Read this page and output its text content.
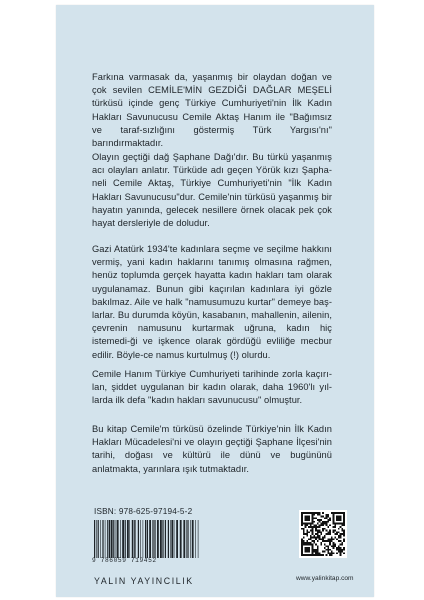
Farkına varmasak da, yaşanmış bir olaydan doğan ve çok sevilen CEMİLE'MİN GEZDİĞİ DAĞLAR MEŞELİ türküsü içinde genç Türkiye Cumhuriyeti'nin İlk Kadın Hakları Savunucusu Cemile Aktaş Hanım ile "Bağımsız ve taraf-sızlığını göstermiş Türk Yargısı'nı" barındırmaktadır.
Olayın geçtiği dağ Şaphane Dağı'dır. Bu türkü yaşanmış acı olayları anlatır. Türküde adı geçen Yörük kızı Şapha-neli Cemile Aktaş, Türkiye Cumhuriyeti'nin "İlk Kadın Hakları Savunucusu"dur. Cemile'nin türküsü yaşanmış bir hayatın yanında, gelecek nesillere örnek olacak pek çok hayat dersleriyle de doludur.
Gazi Atatürk 1934'te kadınlara seçme ve seçilme hakkını vermiş, yani kadın haklarını tanımış olmasına rağmen, henüz toplumda gerçek hayatta kadın hakları tam olarak uygulanamaz. Bunun gibi kaçırılan kadınlara iyi gözle bakılmaz. Aile ve halk "namusumuzu kurtar" demeye baş-larlar. Bu durumda köyün, kasabanın, mahallenin, ailenin, çevrenin namusunu kurtarmak uğruna, kadın hiç istemedi-ği ve işkence olarak gördüğü evliliğe mecbur edilir. Böyle-ce namus kurtulmuş (!) olurdu.
Cemile Hanım Türkiye Cumhuriyeti tarihinde zorla kaçırı-lan, şiddet uygulanan bir kadın olarak, daha 1960'lı yıl-larda ilk defa "kadın hakları savunucusu" olmuştur.
Bu kitap Cemile'm türküsü özelinde Türkiye'nin İlk Kadın Hakları Mücadelesi'ni ve olayın geçtiği Şaphane İlçesi'nin tarihi, doğası ve kültürü ile dünü ve bugününü anlatmakta, yarınlara ışık tutmaktadır.
ISBN: 978-625-97194-5-2
9 786059 719452
YALIN YAYINCILIK	www.yalinkitap.com
